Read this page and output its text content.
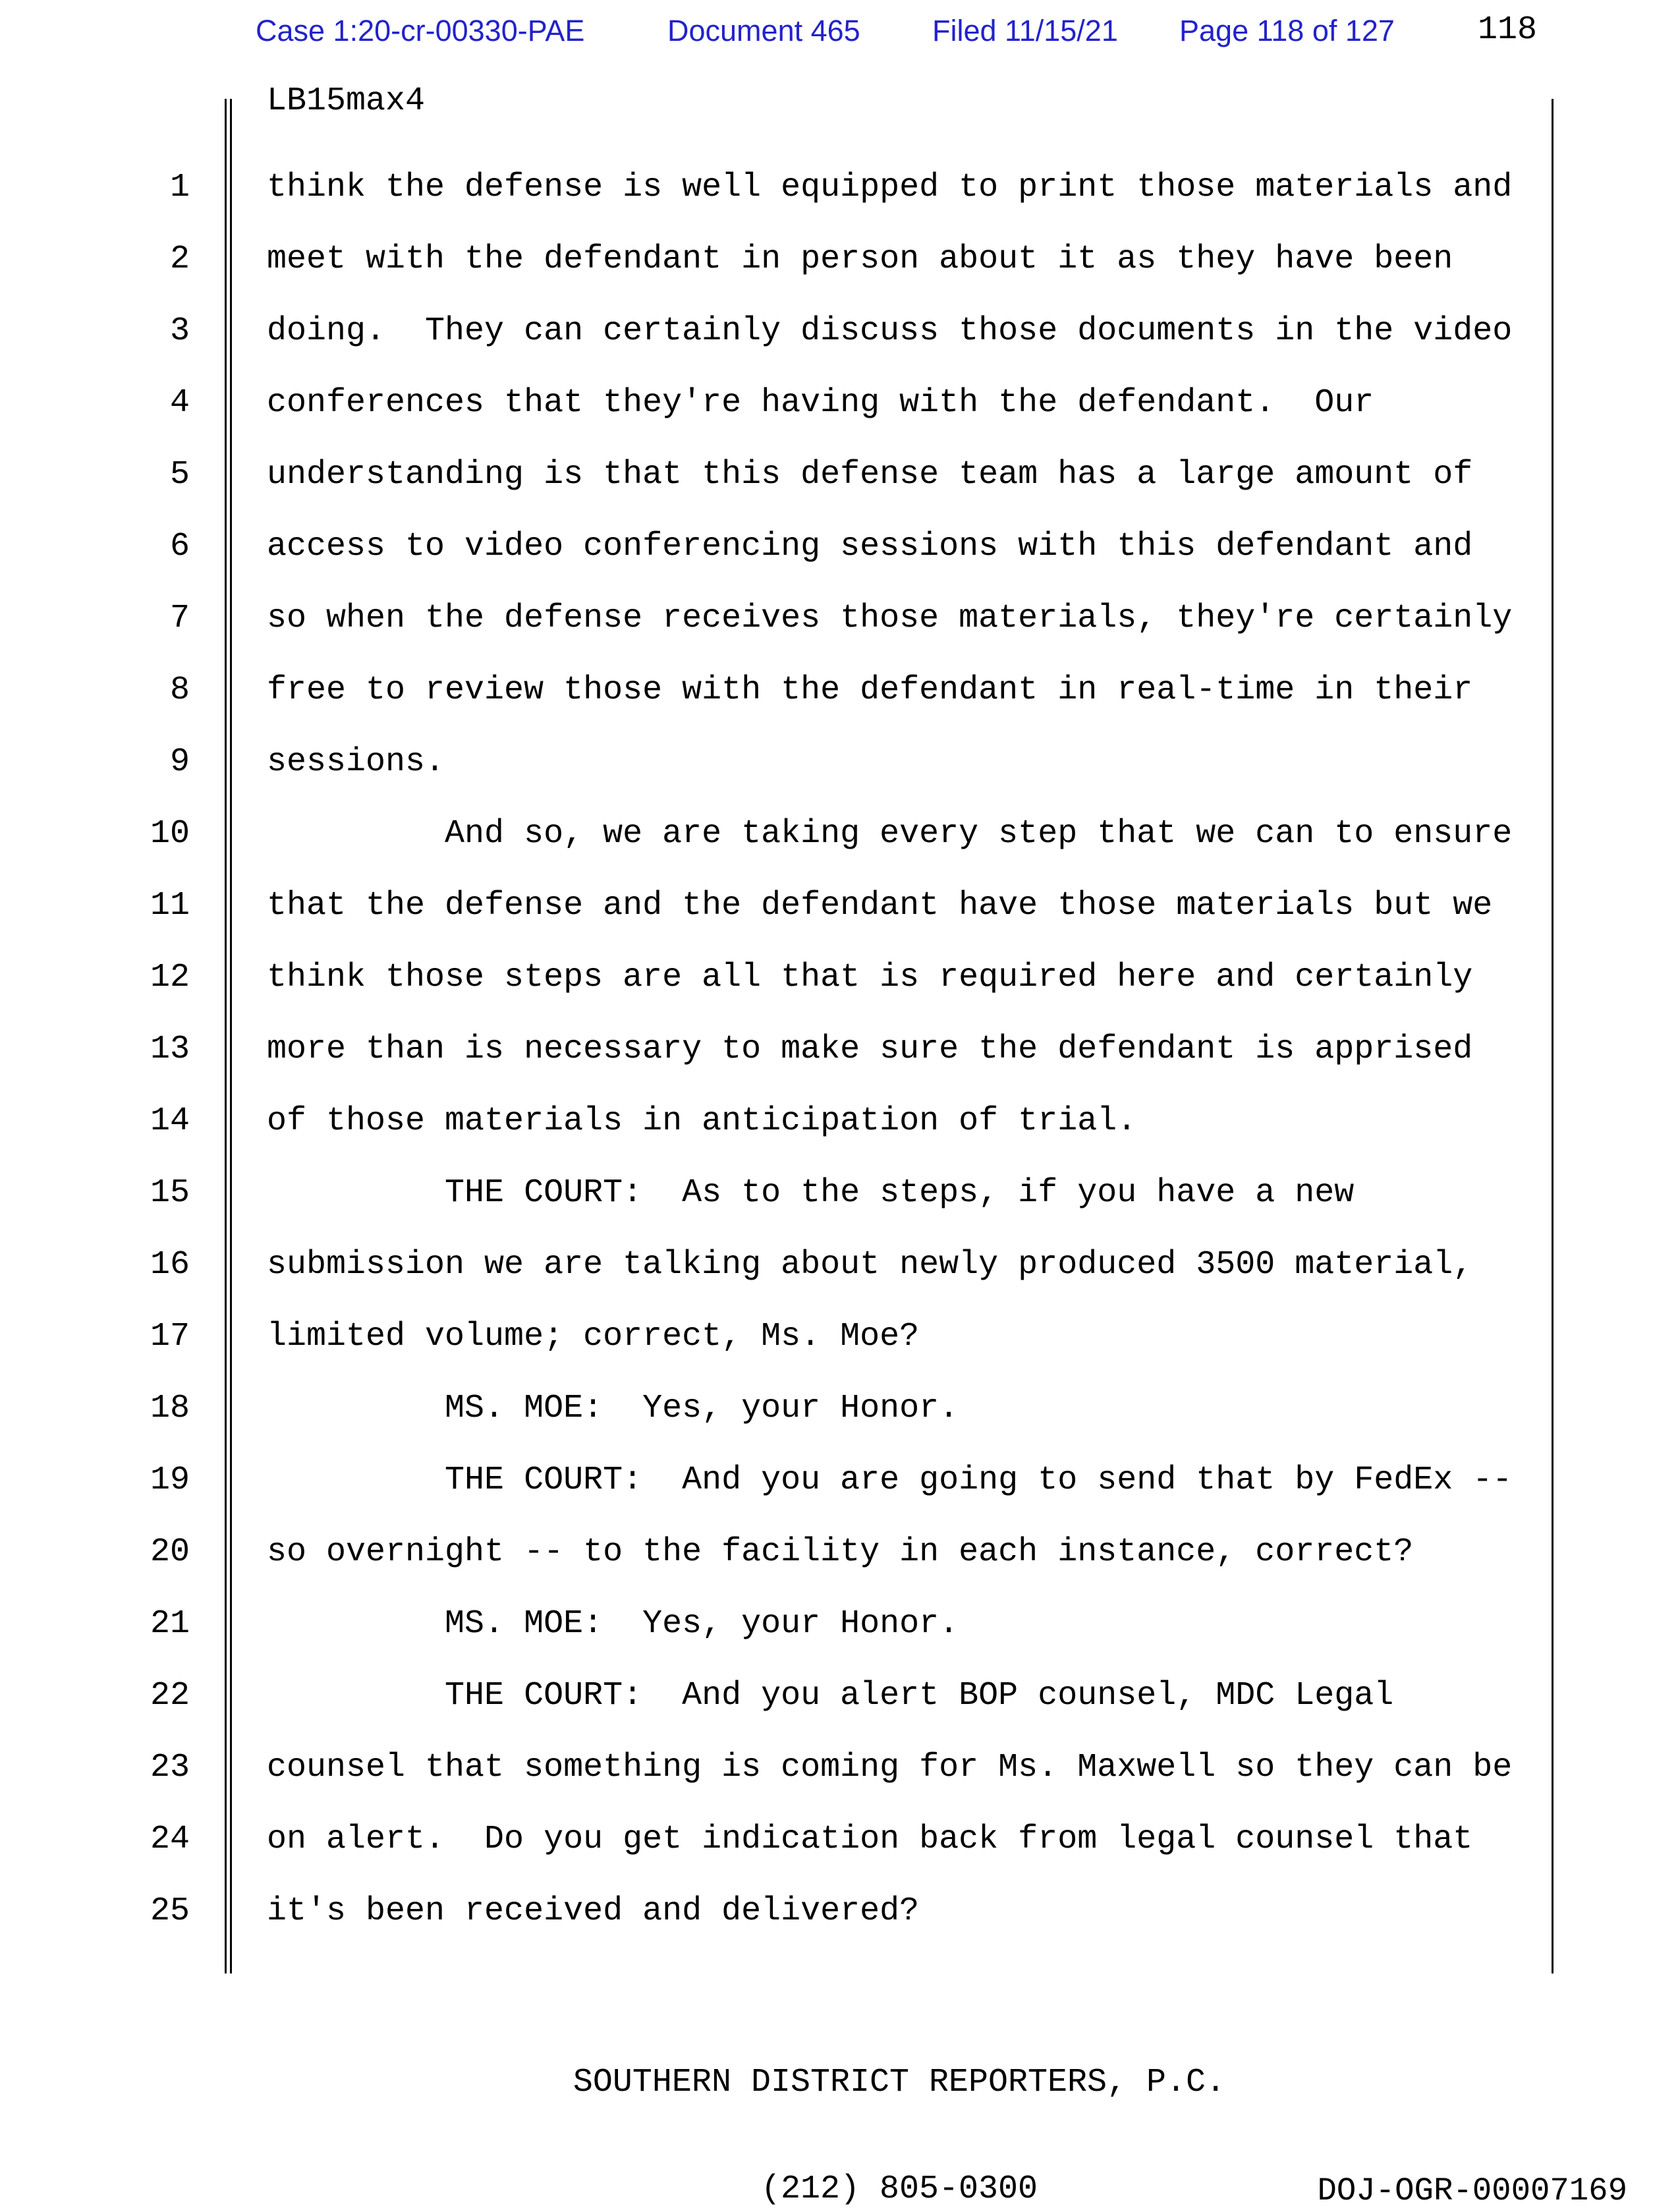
Case 1:20-cr-00330-PAE	Document 465 Filed 11/15/21 Page 118 of 127	118
LB15max4
1 think the defense is well equipped to print those materials and
2 meet with the defendant in person about it as they have been
3 doing.  They can certainly discuss those documents in the video
4 conferences that they're having with the defendant.  Our
5 understanding is that this defense team has a large amount of
6 access to video conferencing sessions with this defendant and
7 so when the defense receives those materials, they're certainly
8 free to review those with the defendant in real-time in their
9 sessions.
10 And so, we are taking every step that we can to ensure
11 that the defense and the defendant have those materials but we
12 think those steps are all that is required here and certainly
13 more than is necessary to make sure the defendant is apprised
14 of those materials in anticipation of trial.
15 THE COURT:  As to the steps, if you have a new
16 submission we are talking about newly produced 3500 material,
17 limited volume; correct, Ms. Moe?
18 MS. MOE:  Yes, your Honor.
19 THE COURT:  And you are going to send that by FedEx --
20 so overnight -- to the facility in each instance, correct?
21 MS. MOE:  Yes, your Honor.
22 THE COURT:  And you alert BOP counsel, MDC Legal
23 counsel that something is coming for Ms. Maxwell so they can be
24 on alert.  Do you get indication back from legal counsel that
25 it's been received and delivered?

SOUTHERN DISTRICT REPORTERS, P.C.

(212) 805-0300

	DOJ-OGR-00007169
